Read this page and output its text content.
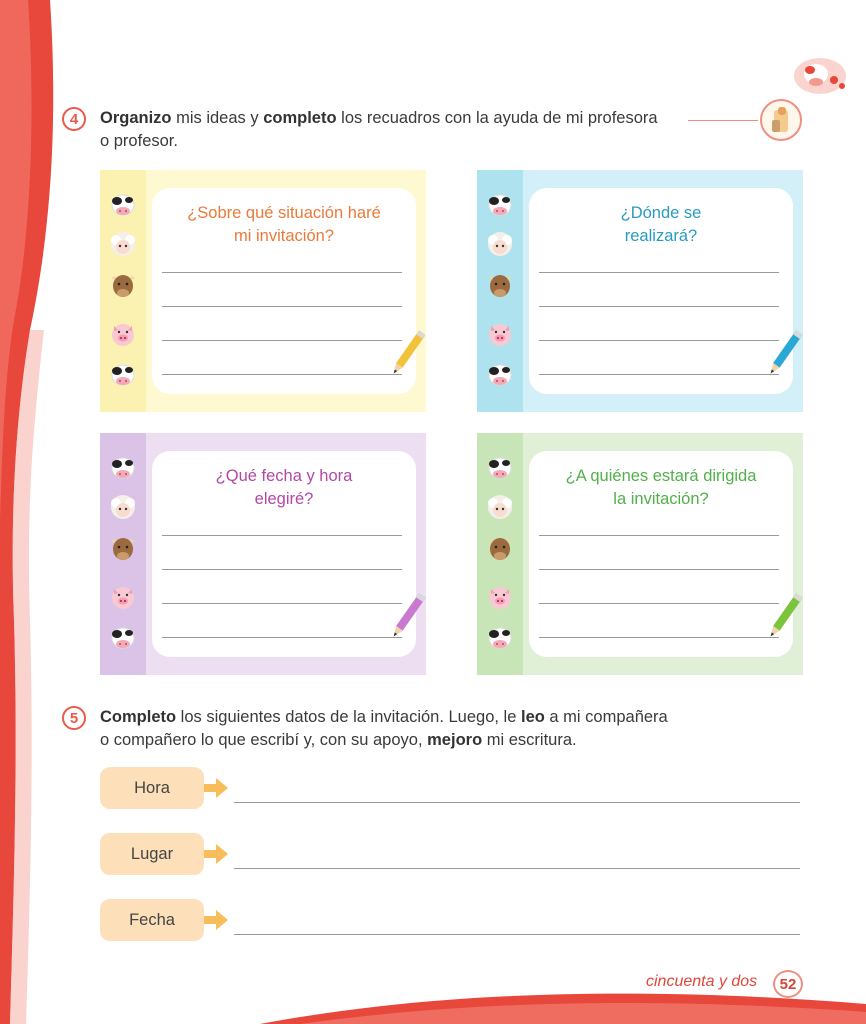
4	Organizo mis ideas y completo los recuadros con la ayuda de mi profesora
o profesor.
¿Sobre qué situación haré
mi invitación?
¿Dónde se
realizará?
¿Qué fecha y hora
elegiré?
¿A quiénes estará dirigida
la invitación?
5	Completo los siguientes datos de la invitación. Luego, le leo a mi compañera
o compañero lo que escribí y, con su apoyo, mejoro mi escritura.
Hora
Lugar
Fecha
cincuenta y dos	52
